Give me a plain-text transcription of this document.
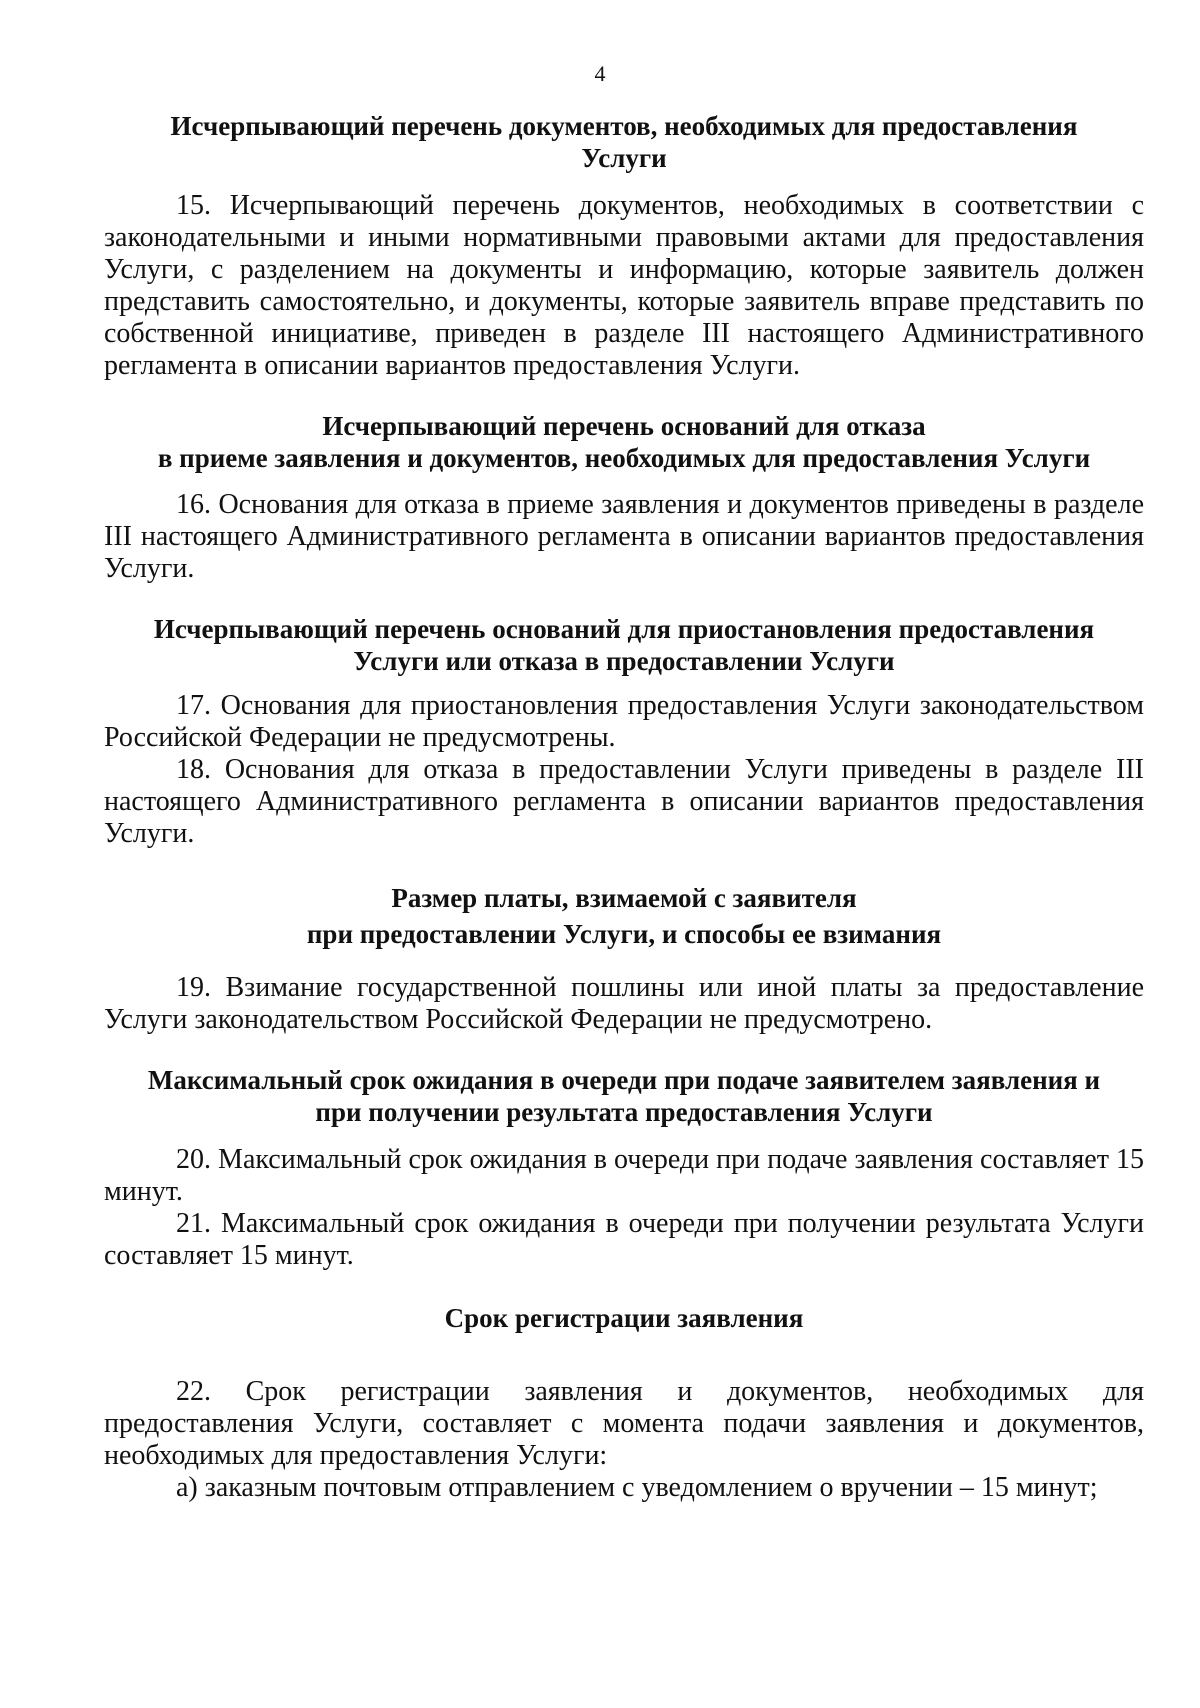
4
Исчерпывающий перечень документов, необходимых для предоставления
Услуги

15. Исчерпывающий перечень документов, необходимых в соответствии с законодательными и иными нормативными правовыми актами для предоставления Услуги, с разделением на документы и информацию, которые заявитель должен представить самостоятельно, и документы, которые заявитель вправе представить по собственной инициативе, приведен в разделе III настоящего Административного регламента в описании вариантов предоставления Услуги.

Исчерпывающий перечень оснований для отказа
в приеме заявления и документов, необходимых для предоставления Услуги

16. Основания для отказа в приеме заявления и документов приведены в разделе III настоящего Административного регламента в описании вариантов предоставления Услуги.

Исчерпывающий перечень оснований для приостановления предоставления
Услуги или отказа в предоставлении Услуги

17. Основания для приостановления предоставления Услуги законодательством Российской Федерации не предусмотрены.

18. Основания для отказа в предоставлении Услуги приведены в разделе III настоящего Административного регламента в описании вариантов предоставления Услуги.

Размер платы, взимаемой с заявителя
при предоставлении Услуги, и способы ее взимания

19. Взимание государственной пошлины или иной платы за предоставление Услуги законодательством Российской Федерации не предусмотрено.

Максимальный срок ожидания в очереди при подаче заявителем заявления и
при получении результата предоставления Услуги

20. Максимальный срок ожидания в очереди при подаче заявления составляет 15 минут.

21. Максимальный срок ожидания в очереди при получении результата Услуги составляет 15 минут.

Срок регистрации заявления

22. Срок регистрации заявления и документов, необходимых для предоставления Услуги, составляет с момента подачи заявления и документов, необходимых для предоставления Услуги:

а) заказным почтовым отправлением с уведомлением о вручении – 15 минут;
